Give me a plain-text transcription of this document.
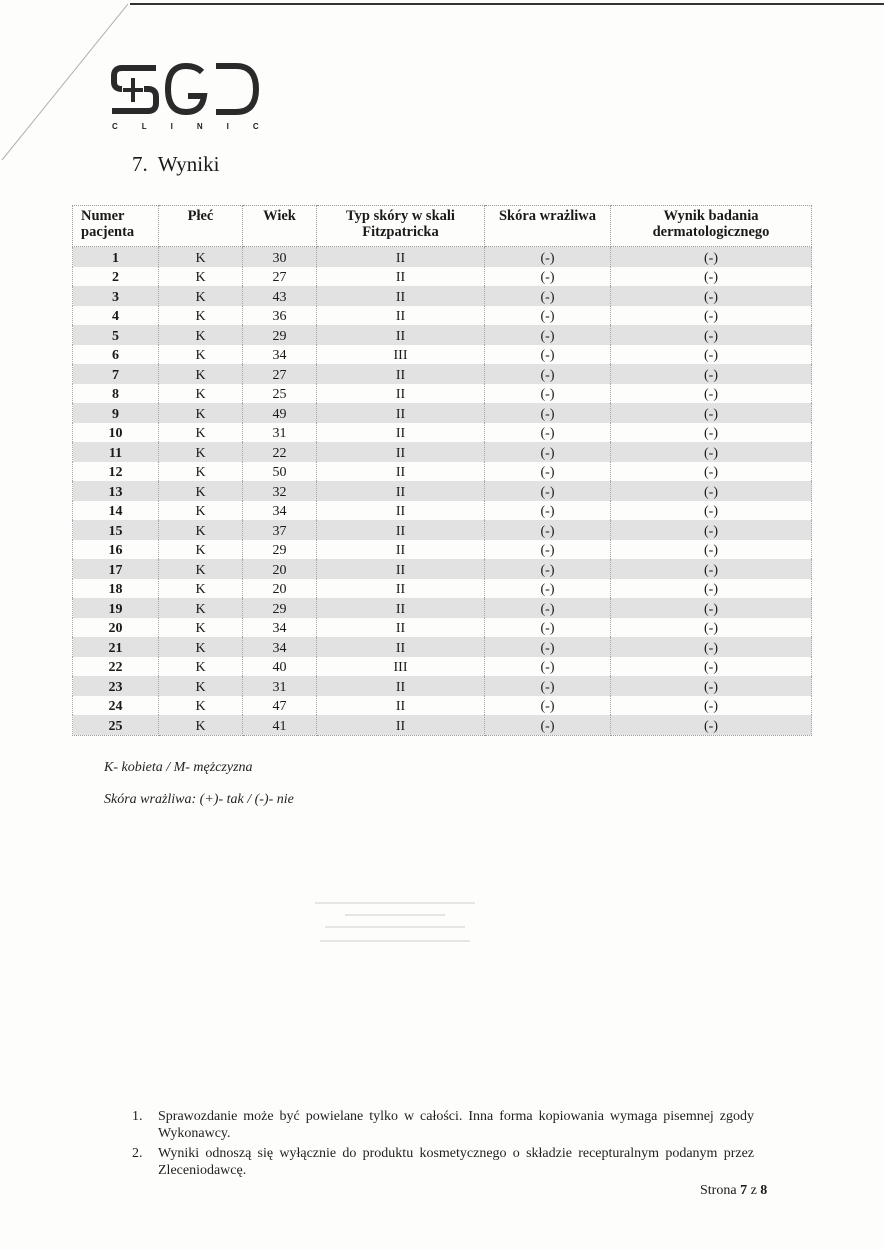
CLINIC
7. Wyniki
Numer pacjenta	Płeć	Wiek	Typ skóry w skali Fitzpatricka	Skóra wrażliwa	Wynik badania dermatologicznego
1	K	30	II	(-)	(-)
2	K	27	II	(-)	(-)
3	K	43	II	(-)	(-)
4	K	36	II	(-)	(-)
5	K	29	II	(-)	(-)
6	K	34	III	(-)	(-)
7	K	27	II	(-)	(-)
8	K	25	II	(-)	(-)
9	K	49	II	(-)	(-)
10	K	31	II	(-)	(-)
11	K	22	II	(-)	(-)
12	K	50	II	(-)	(-)
13	K	32	II	(-)	(-)
14	K	34	II	(-)	(-)
15	K	37	II	(-)	(-)
16	K	29	II	(-)	(-)
17	K	20	II	(-)	(-)
18	K	20	II	(-)	(-)
19	K	29	II	(-)	(-)
20	K	34	II	(-)	(-)
21	K	34	II	(-)	(-)
22	K	40	III	(-)	(-)
23	K	31	II	(-)	(-)
24	K	47	II	(-)	(-)
25	K	41	II	(-)	(-)
K- kobieta / M- mężczyzna
Skóra wrażliwa: (+)- tak / (-)- nie
1. Sprawozdanie może być powielane tylko w całości. Inna forma kopiowania wymaga pisemnej zgody Wykonawcy.
2. Wyniki odnoszą się wyłącznie do produktu kosmetycznego o składzie recepturalnym podanym przez Zleceniodawcę.
Strona 7 z 8
